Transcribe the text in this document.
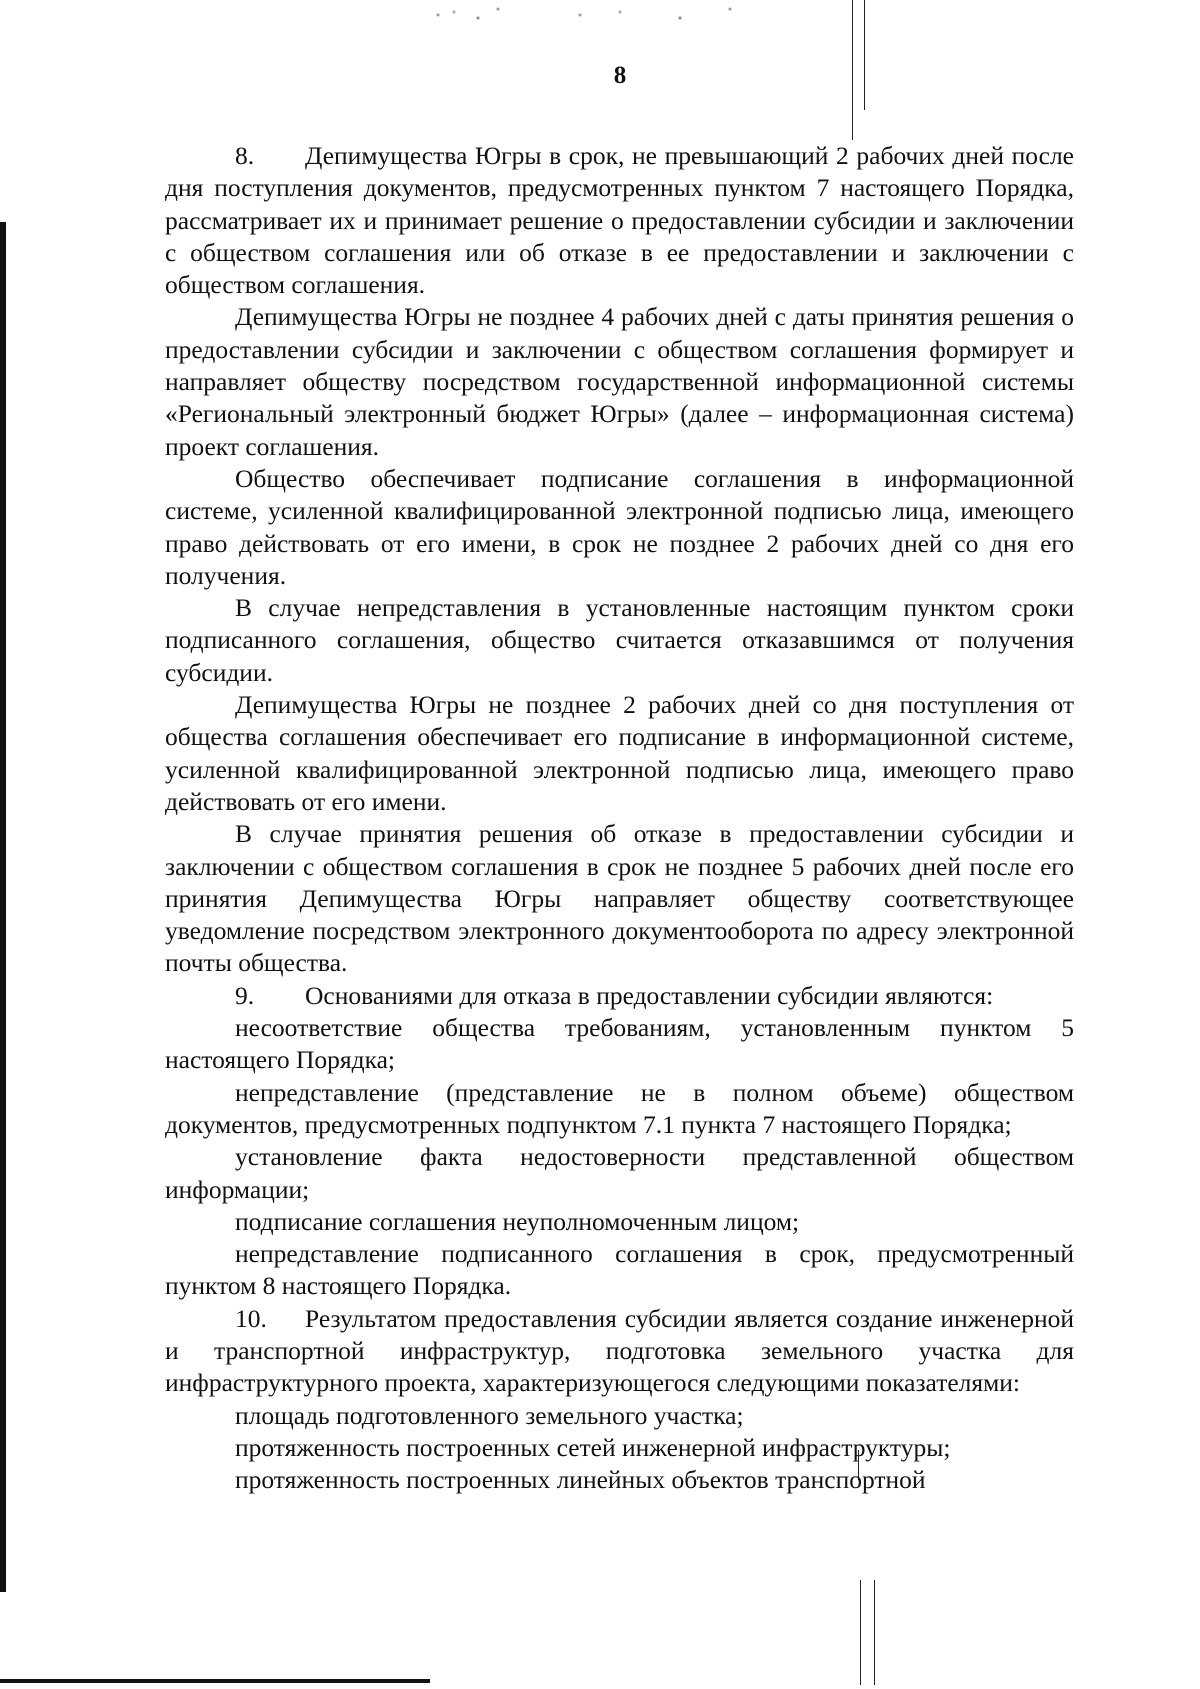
8

8. Депимущества Югры в срок, не превышающий 2 рабочих дней после дня поступления документов, предусмотренных пунктом 7 настоящего Порядка, рассматривает их и принимает решение о предоставлении субсидии и заключении с обществом соглашения или об отказе в ее предоставлении и заключении с обществом соглашения.

Депимущества Югры не позднее 4 рабочих дней с даты принятия решения о предоставлении субсидии и заключении с обществом соглашения формирует и направляет обществу посредством государственной информационной системы «Региональный электронный бюджет Югры» (далее – информационная система) проект соглашения.

Общество обеспечивает подписание соглашения в информационной системе, усиленной квалифицированной электронной подписью лица, имеющего право действовать от его имени, в срок не позднее 2 рабочих дней со дня его получения.

В случае непредставления в установленные настоящим пунктом сроки подписанного соглашения, общество считается отказавшимся от получения субсидии.

Депимущества Югры не позднее 2 рабочих дней со дня поступления от общества соглашения обеспечивает его подписание в информационной системе, усиленной квалифицированной электронной подписью лица, имеющего право действовать от его имени.

В случае принятия решения об отказе в предоставлении субсидии и заключении с обществом соглашения в срок не позднее 5 рабочих дней после его принятия Депимущества Югры направляет обществу соответствующее уведомление посредством электронного документооборота по адресу электронной почты общества.

9. Основаниями для отказа в предоставлении субсидии являются:

несоответствие общества требованиям, установленным пунктом 5 настоящего Порядка;

непредставление (представление не в полном объеме) обществом документов, предусмотренных подпунктом 7.1 пункта 7 настоящего Порядка;

установление факта недостоверности представленной обществом информации;

подписание соглашения неуполномоченным лицом;

непредставление подписанного соглашения в срок, предусмотренный пунктом 8 настоящего Порядка.

10. Результатом предоставления субсидии является создание инженерной и транспортной инфраструктур, подготовка земельного участка для инфраструктурного проекта, характеризующегося следующими показателями:

площадь подготовленного земельного участка;

протяженность построенных сетей инженерной инфраструктуры;

протяженность построенных линейных объектов транспортной
